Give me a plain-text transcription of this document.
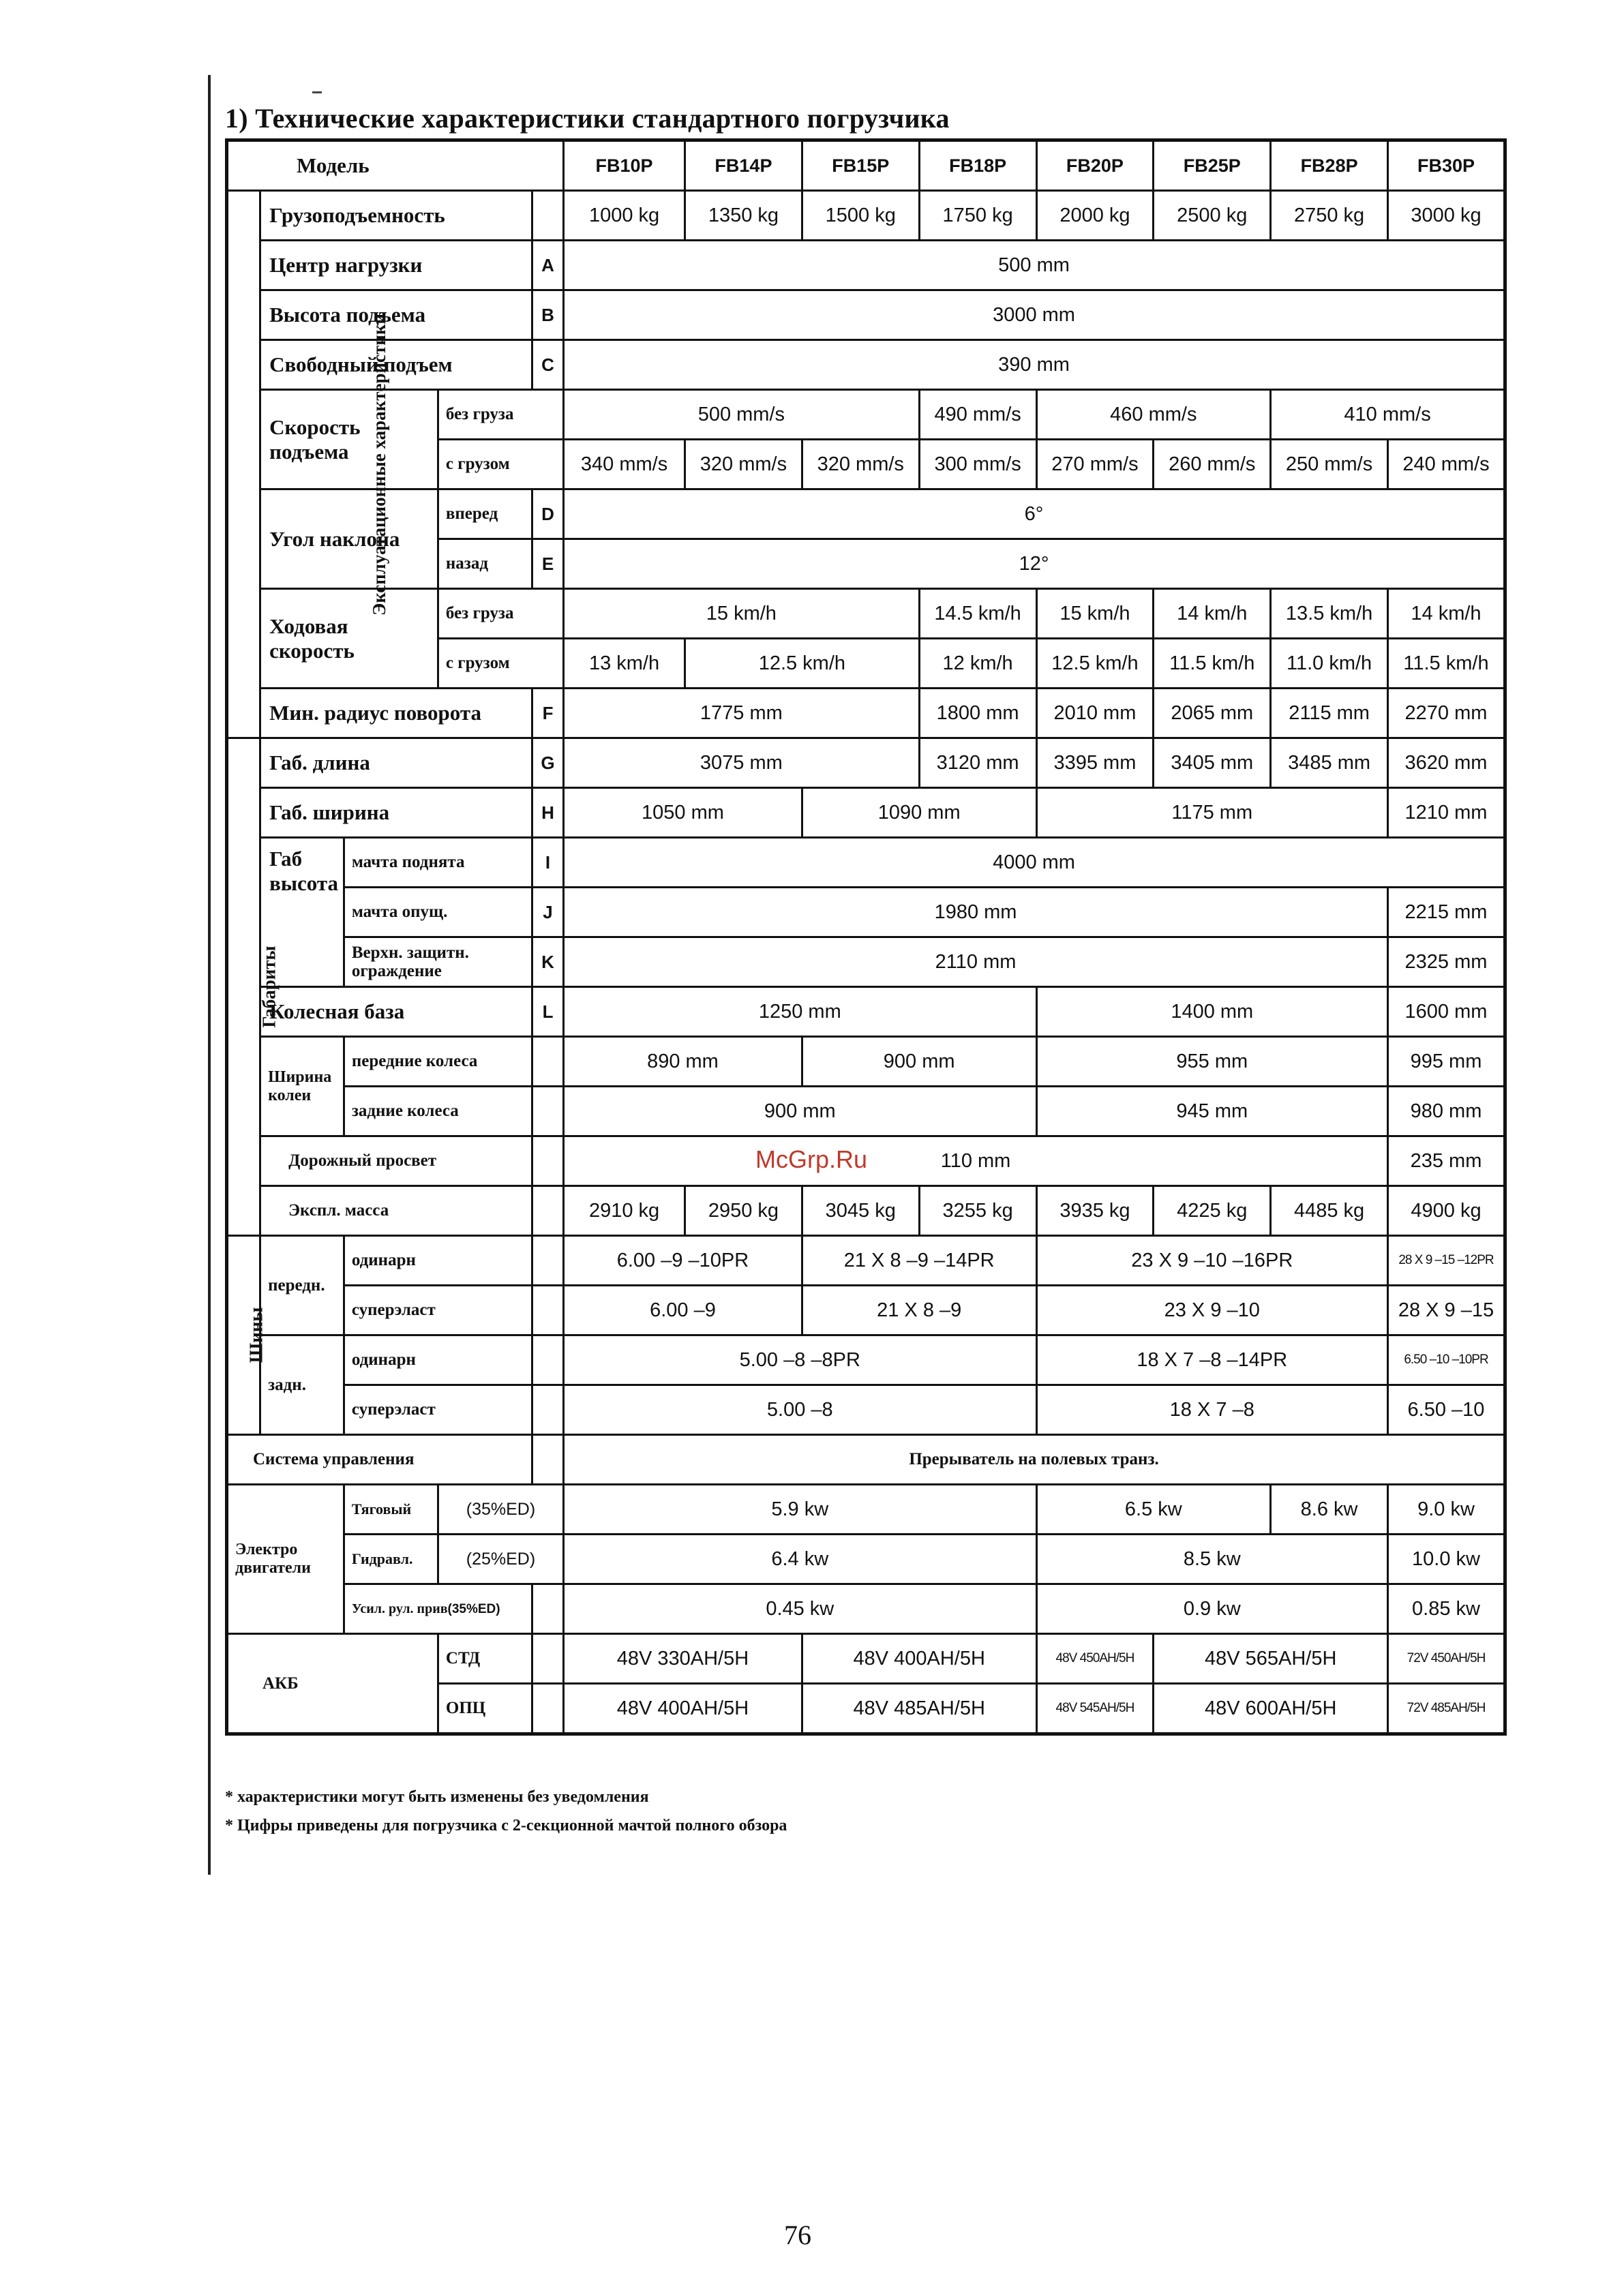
1) Технические характеристики стандартного погрузчика
Модель					FB10P	FB14P	FB15P	FB18P	FB20P	FB25P	FB28P	FB30P
Эксплуатационные характеристики	Грузоподъемность				1000 kg	1350 kg	1500 kg	1750 kg	2000 kg	2500 kg	2750 kg	3000 kg
	Центр нагрузки			A	500 mm							
	Высота подъема			B	3000 mm							
	Свободный подъем			C	390 mm							
	Скорость подъема		без груза		500 mm/s			490 mm/s	460 mm/s		410 mm/s	
			с грузом		340 mm/s	320 mm/s	320 mm/s	300 mm/s	270 mm/s	260 mm/s	250 mm/s	240 mm/s
	Угол наклона		вперед	D	6°							
			назад	E	12°							
	Ходовая скорость		без груза		15 km/h			14.5 km/h	15 km/h	14 km/h	13.5 km/h	14 km/h
			с грузом		13 km/h	12.5 km/h		12 km/h	12.5 km/h	11.5 km/h	11.0 km/h	11.5 km/h
	Мин. радиус поворота			F	1775 mm			1800 mm	2010 mm	2065 mm	2115 mm	2270 mm
Габариты	Габ. длина			G	3075 mm			3120 mm	3395 mm	3405 mm	3485 mm	3620 mm
	Габ. ширина			H	1050 mm		1090 mm		1175 mm			1210 mm
	Габ высота	мачта поднята		I	4000 mm							
		мачта опущ.		J	1980 mm							2215 mm
		Верхн. защитн. ограждение		K	2110 mm							2325 mm
	Колесная база			L	1250 mm				1400 mm			1600 mm
	Ширина колеи	передние колеса			890 mm		900 mm		955 mm			995 mm
		задние колеса			900 mm				945 mm			980 mm
	Дорожный просвет				110 mm							235 mm
	Экспл. масса				2910 kg	2950 kg	3045 kg	3255 kg	3935 kg	4225 kg	4485 kg	4900 kg
Шины	передн.	одинарн			6.00 –9 –10PR		21 X 8 –9 –14PR		23 X 9 –10 –16PR			28 X 9 –15 –12PR
		суперэласт			6.00 –9		21 X 8 –9		23 X 9 –10			28 X 9 –15
	задн.	одинарн			5.00 –8 –8PR				18 X 7 –8 –14PR			6.50 –10 –10PR
		суперэласт			5.00 –8				18 X 7 –8			6.50 –10
Система управления					Прерыватель на полевых транз.							
Электро двигатели		Тяговый	(35%ED)		5.9 kw				6.5 kw		8.6 kw	9.0 kw
		Гидравл.	(25%ED)		6.4 kw				8.5 kw			10.0 kw
		Усил. рул. прив(35%ED)			0.45 kw				0.9 kw			0.85 kw
АКБ			СТД		48V 330AH/5H		48V 400AH/5H		48V 450AH/5H	48V 565AH/5H		72V 450AH/5H
			ОПЦ		48V 400AH/5H		48V 485AH/5H		48V 545AH/5H	48V 600AH/5H		72V 485AH/5H
McGrp.Ru
* характеристики могут быть изменены без уведомления
* Цифры приведены для погрузчика с 2-секционной мачтой полного обзора
76
